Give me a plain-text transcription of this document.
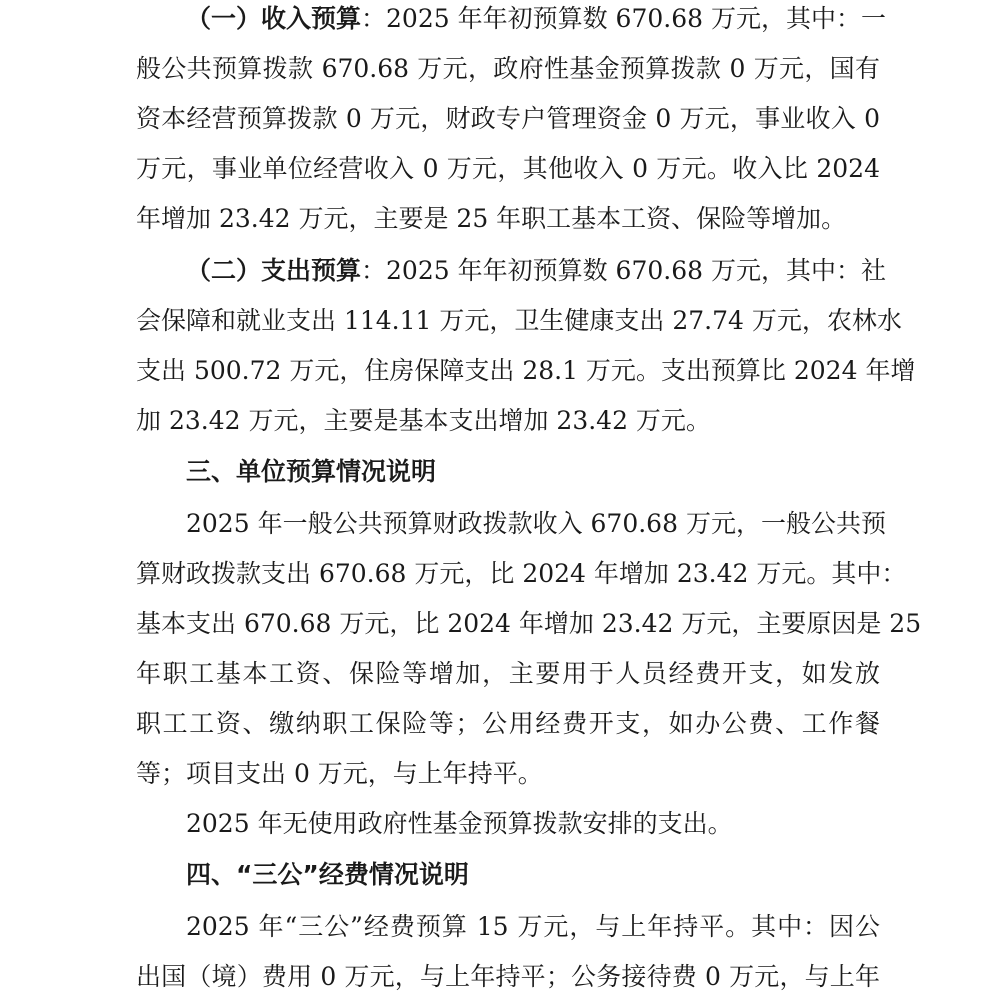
（一）收入预算：2025 年年初预算数 670.68 万元，其中：一
般公共预算拨款 670.68 万元，政府性基金预算拨款 0 万元，国有
资本经营预算拨款 0 万元，财政专户管理资金 0 万元，事业收入 0
万元，事业单位经营收入 0 万元，其他收入 0 万元。收入比 2024
年增加 23.42 万元，主要是 25 年职工基本工资、保险等增加。
（二）支出预算：2025 年年初预算数 670.68 万元，其中：社
会保障和就业支出 114.11 万元，卫生健康支出 27.74 万元，农林水
支出 500.72 万元，住房保障支出 28.1 万元。支出预算比 2024 年增
加 23.42 万元，主要是基本支出增加 23.42 万元。
三、单位预算情况说明
2025 年一般公共预算财政拨款收入 670.68 万元，一般公共预
算财政拨款支出 670.68 万元，比 2024 年增加 23.42 万元。其中：
基本支出 670.68 万元，比 2024 年增加 23.42 万元，主要原因是 25
年职工基本工资、保险等增加，主要用于人员经费开支，如发放
职工工资、缴纳职工保险等；公用经费开支，如办公费、工作餐
等；项目支出 0 万元，与上年持平。
2025 年无使用政府性基金预算拨款安排的支出。
四、“三公”经费情况说明
2025 年“三公”经费预算 15 万元，与上年持平。其中：因公
出国（境）费用 0 万元，与上年持平；公务接待费 0 万元，与上年
